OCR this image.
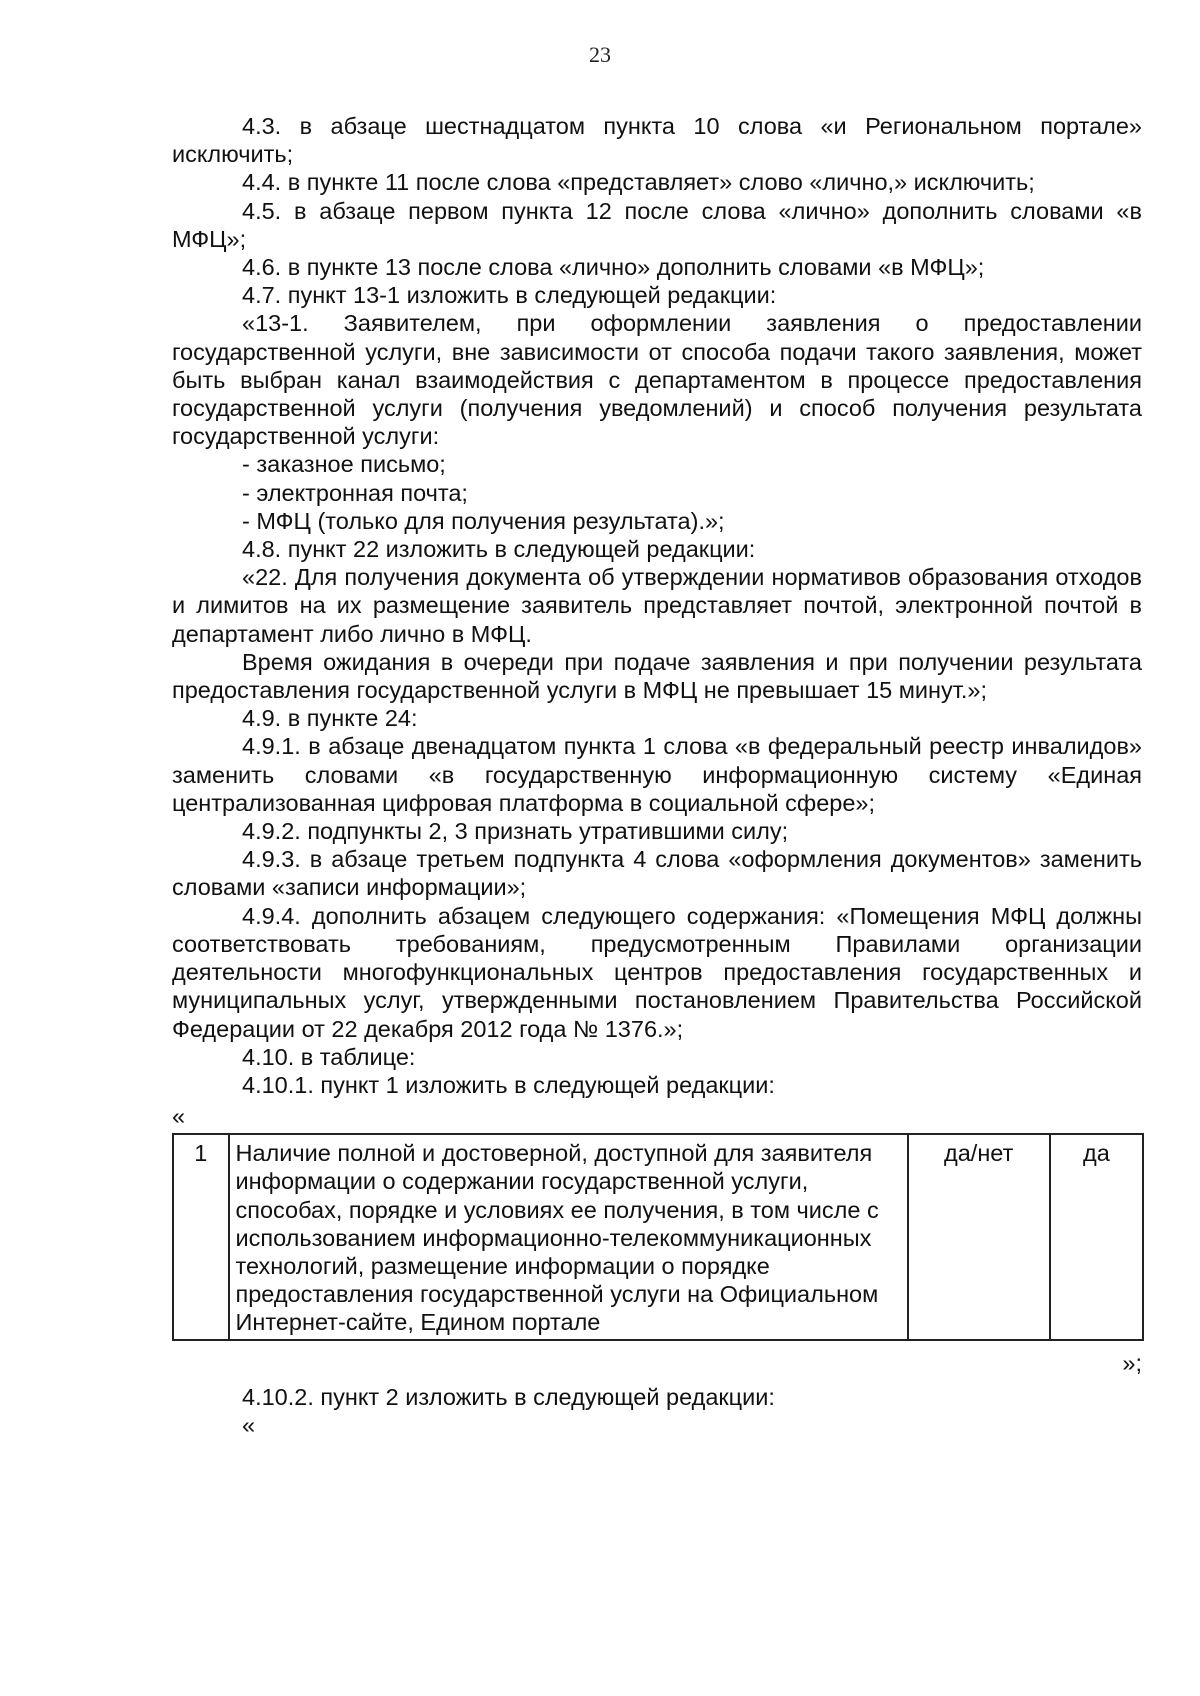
23

4.3. в абзаце шестнадцатом пункта 10 слова «и Региональном портале» исключить;

4.4. в пункте 11 после слова «представляет» слово «лично,» исключить;

4.5. в абзаце первом пункта 12 после слова «лично» дополнить словами «в МФЦ»;

4.6. в пункте 13 после слова «лично» дополнить словами «в МФЦ»;

4.7. пункт 13-1 изложить в следующей редакции:

«13-1. Заявителем, при оформлении заявления о предоставлении государственной услуги, вне зависимости от способа подачи такого заявления, может быть выбран канал взаимодействия с департаментом в процессе предоставления государственной услуги (получения уведомлений) и способ получения результата государственной услуги:

- заказное письмо;

- электронная почта;

- МФЦ (только для получения результата).»;

4.8. пункт 22 изложить в следующей редакции:

«22. Для получения документа об утверждении нормативов образования отходов и лимитов на их размещение заявитель представляет почтой, электронной почтой в департамент либо лично в МФЦ.

Время ожидания в очереди при подаче заявления и при получении результата предоставления государственной услуги в МФЦ не превышает 15 минут.»;

4.9. в пункте 24:

4.9.1. в абзаце двенадцатом пункта 1 слова «в федеральный реестр инвалидов» заменить словами «в государственную информационную систему «Единая централизованная цифровая платформа в социальной сфере»;

4.9.2. подпункты 2, 3 признать утратившими силу;

4.9.3. в абзаце третьем подпункта 4 слова «оформления документов» заменить словами «записи информации»;

4.9.4. дополнить абзацем следующего содержания: «Помещения МФЦ должны соответствовать требованиям, предусмотренным Правилами организации деятельности многофункциональных центров предоставления государственных и муниципальных услуг, утвержденными постановлением Правительства Российской Федерации от 22 декабря 2012 года № 1376.»;

4.10. в таблице:

4.10.1. пункт 1 изложить в следующей редакции:

«

1	Наличие полной и достоверной, доступной для заявителя информации о содержании государственной услуги, способах, порядке и условиях ее получения, в том числе с использованием информационно-телекоммуникационных технологий, размещение информации о порядке предоставления государственной услуги на Официальном Интернет-сайте, Едином портале	да/нет	да

»;

4.10.2. пункт 2 изложить в следующей редакции:

«
